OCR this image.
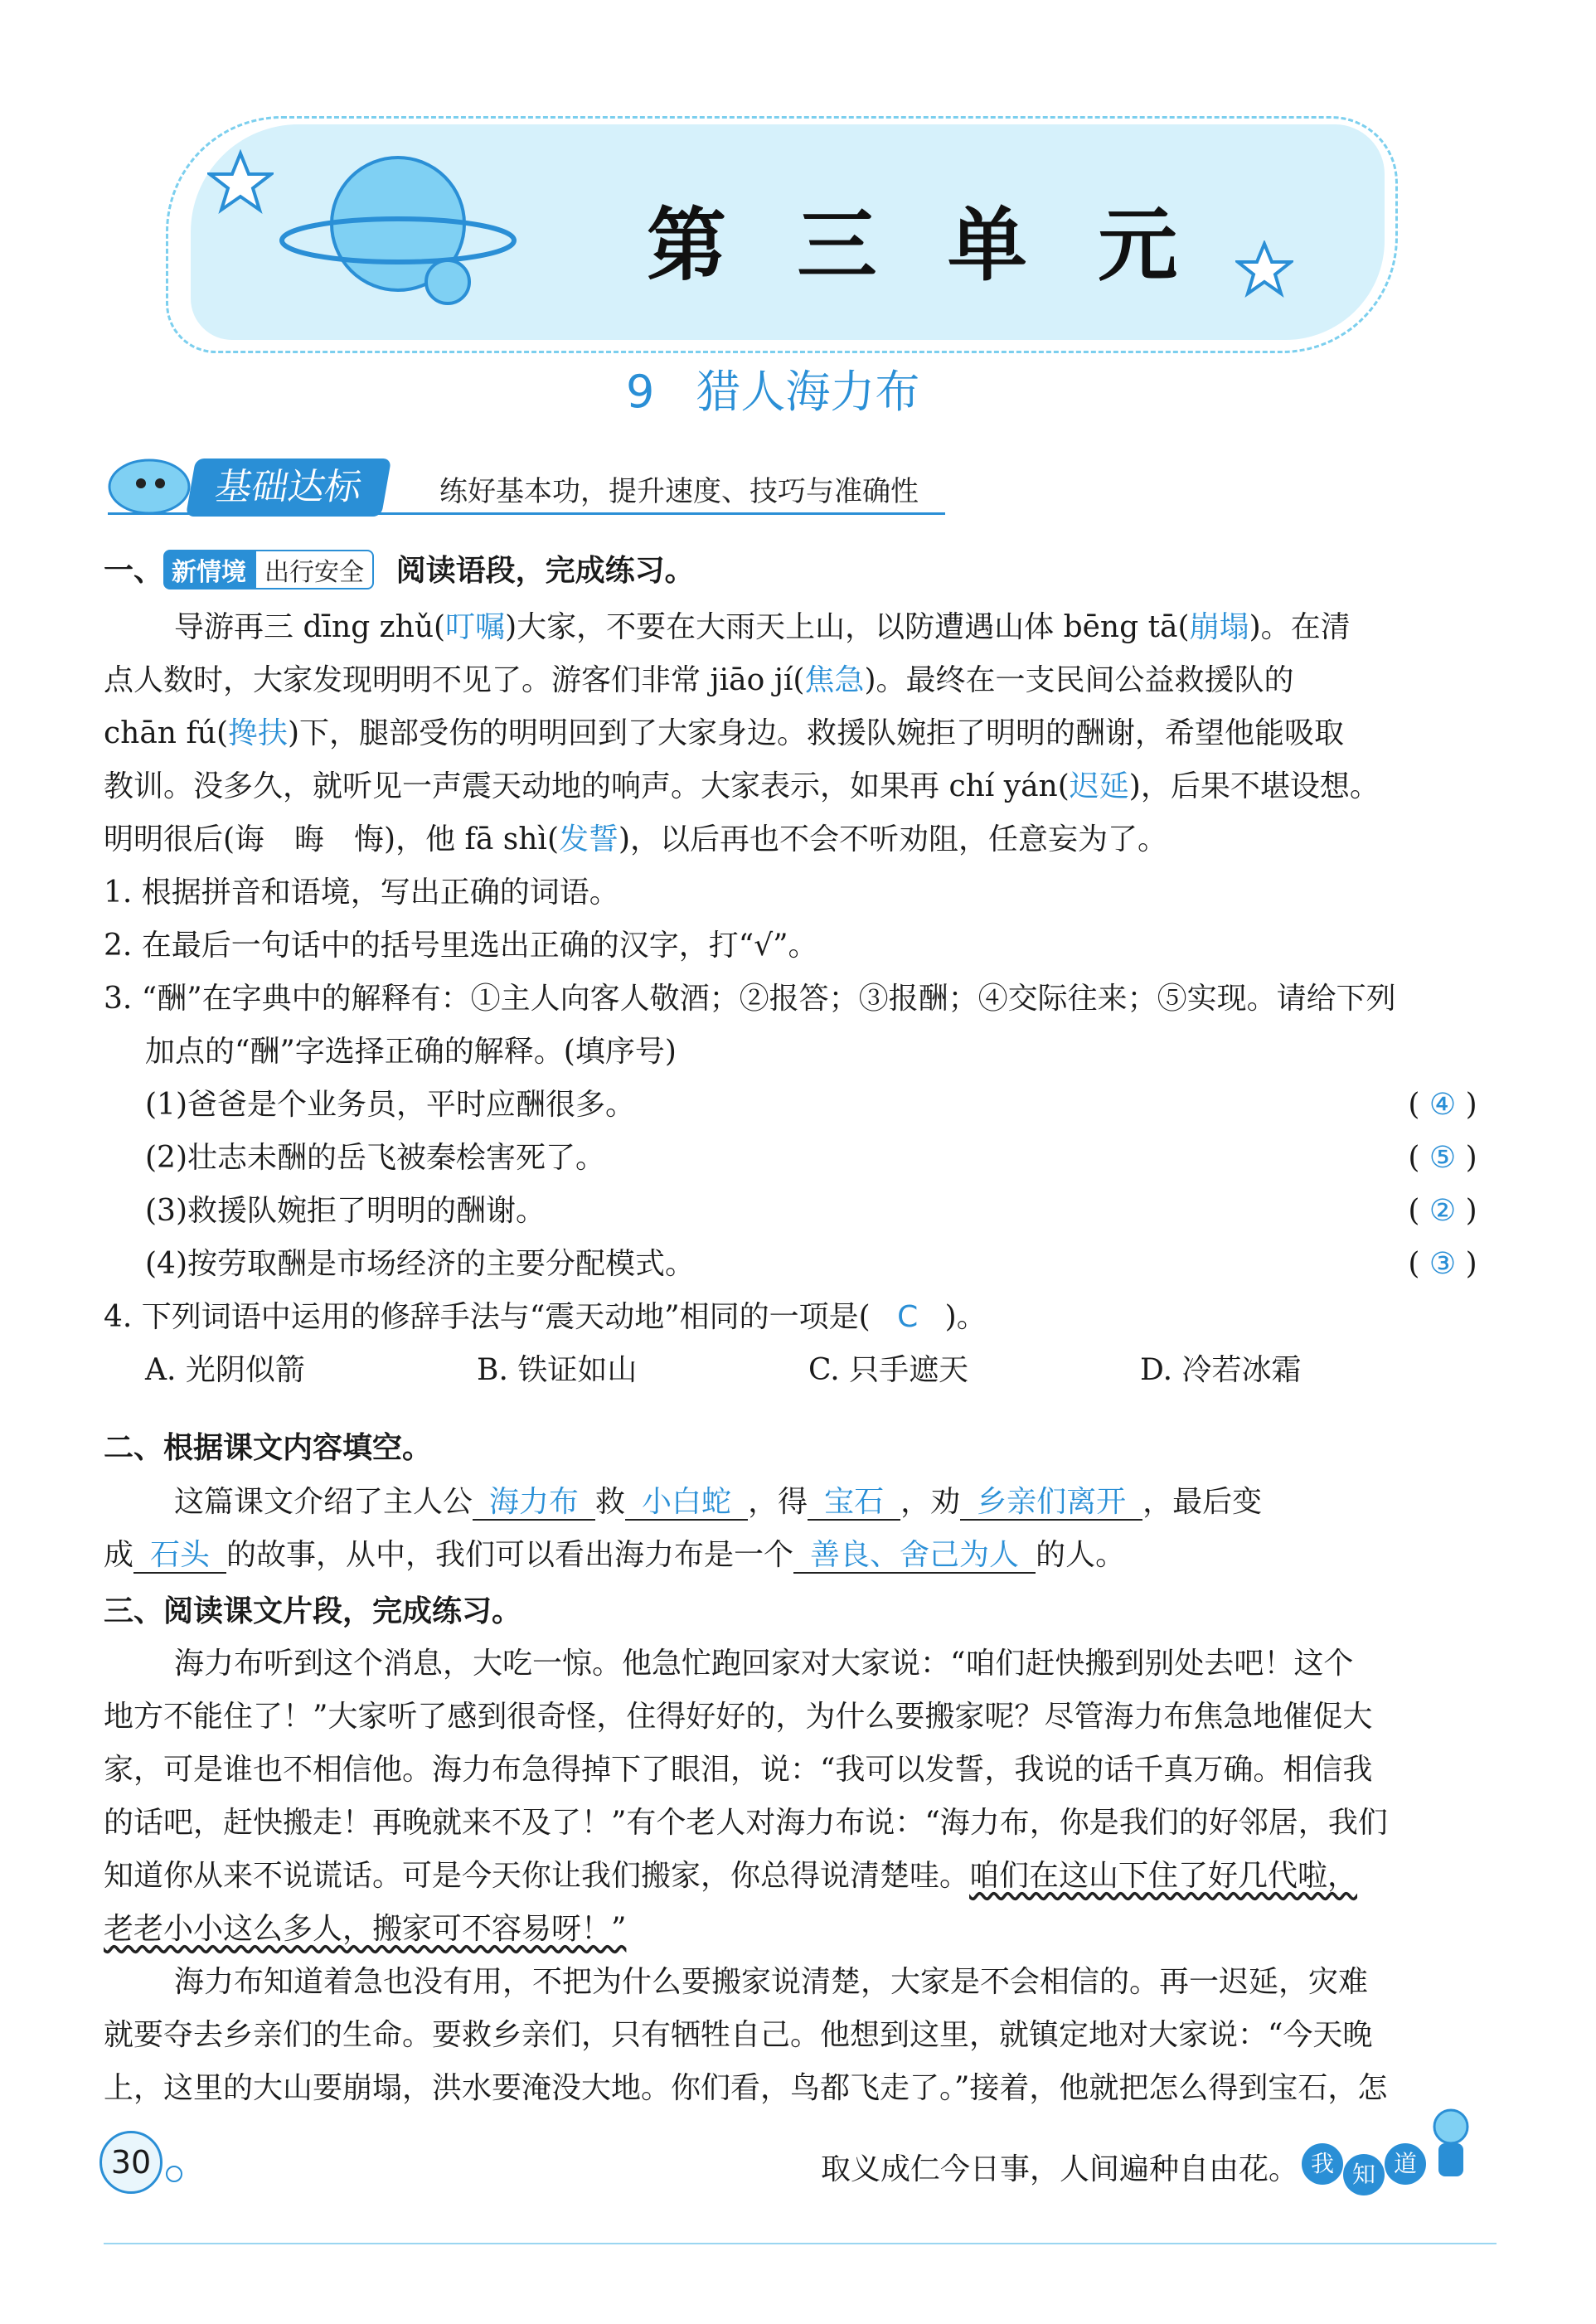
第 三 单 元
9 猎人海力布
基础达标	练好基本功，提升速度、技巧与准确性
一、 新情境 出行安全 阅读语段，完成练习。
导游再三 dīng zhǔ(叮嘱)大家，不要在大雨天上山，以防遭遇山体 bēng tā(崩塌)。在清
点人数时，大家发现明明不见了。游客们非常 jiāo jí(焦急)。最终在一支民间公益救援队的
chān fú(搀扶)下，腿部受伤的明明回到了大家身边。救援队婉拒了明明的酬谢，希望他能吸取
教训。没多久，就听见一声震天动地的响声。大家表示，如果再 chí yán(迟延)，后果不堪设想。
明明很后(诲　晦　悔)，他 fā shì(发誓)，以后再也不会不听劝阻，任意妄为了。
1. 根据拼音和语境，写出正确的词语。
2. 在最后一句话中的括号里选出正确的汉字，打“√”。
3. “酬”在字典中的解释有：①主人向客人敬酒；②报答；③报酬；④交际往来；⑤实现。请给下列
加点的“酬”字选择正确的解释。(填序号)
(1)爸爸是个业务员，平时应酬很多。	( ④ )
(2)壮志未酬的岳飞被秦桧害死了。	( ⑤ )
(3)救援队婉拒了明明的酬谢。	( ② )
(4)按劳取酬是市场经济的主要分配模式。	( ③ )
4. 下列词语中运用的修辞手法与“震天动地”相同的一项是( C )。
A. 光阴似箭	B. 铁证如山	C. 只手遮天	D. 冷若冰霜
二、根据课文内容填空。
这篇课文介绍了主人公 海力布 救 小白蛇 ，得 宝石 ，劝 乡亲们离开 ，最后变
成 石头 的故事，从中，我们可以看出海力布是一个 善良、舍己为人 的人。
三、阅读课文片段，完成练习。
海力布听到这个消息，大吃一惊。他急忙跑回家对大家说：“咱们赶快搬到别处去吧！这个
地方不能住了！”大家听了感到很奇怪，住得好好的，为什么要搬家呢？尽管海力布焦急地催促大
家，可是谁也不相信他。海力布急得掉下了眼泪，说：“我可以发誓，我说的话千真万确。相信我
的话吧，赶快搬走！再晚就来不及了！”有个老人对海力布说：“海力布，你是我们的好邻居，我们
知道你从来不说谎话。可是今天你让我们搬家，你总得说清楚哇。咱们在这山下住了好几代啦，
老老小小这么多人，搬家可不容易呀！”
海力布知道着急也没有用，不把为什么要搬家说清楚，大家是不会相信的。再一迟延，灾难
就要夺去乡亲们的生命。要救乡亲们，只有牺牲自己。他想到这里，就镇定地对大家说：“今天晚
上，这里的大山要崩塌，洪水要淹没大地。你们看，鸟都飞走了。”接着，他就把怎么得到宝石，怎
30	取义成仁今日事，人间遍种自由花。 我 知 道
